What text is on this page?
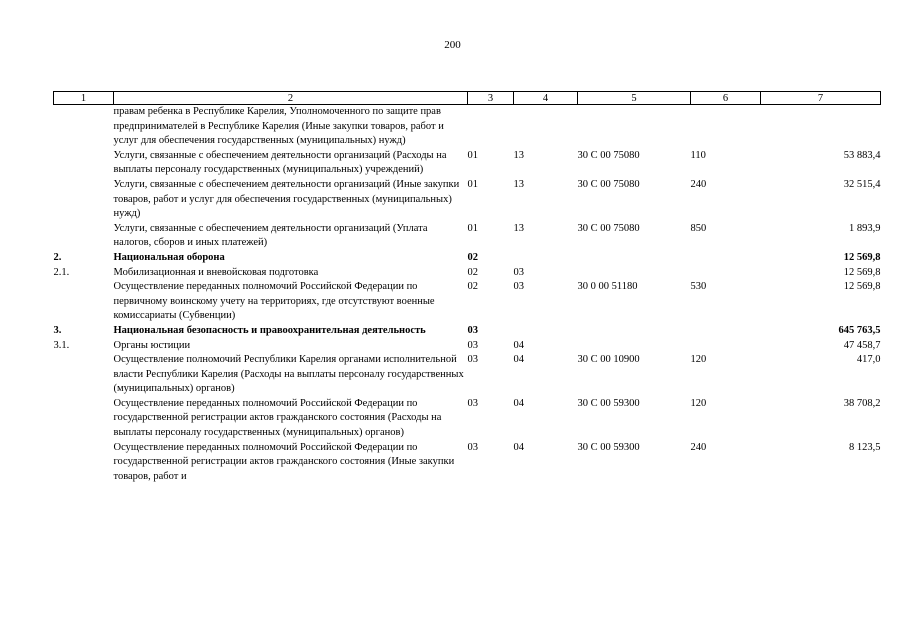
200
1	2	3	4	5	6	7
	правам ребенка в Республике Карелия, Уполномоченного по защите прав предпринимателей в Республике Карелия (Иные закупки товаров, работ и услуг для обеспечения государственных (муниципальных) нужд)					
	Услуги, связанные с обеспечением деятельности организаций (Расходы на выплаты персоналу государственных (муниципальных) учреждений)	01	13	30 С 00 75080	110	53 883,4
	Услуги, связанные с обеспечением деятельности организаций (Иные закупки товаров, работ и услуг для обеспечения государственных (муниципальных) нужд)	01	13	30 С 00 75080	240	32 515,4
	Услуги, связанные с обеспечением деятельности организаций (Уплата налогов, сборов и иных платежей)	01	13	30 С 00 75080	850	1 893,9
2.	Национальная оборона	02				12 569,8
2.1.	Мобилизационная и вневойсковая подготовка	02	03			12 569,8
	Осуществление переданных полномочий Российской Федерации по первичному воинскому учету на территориях, где отсутствуют военные комиссариаты (Субвенции)	02	03	30 0 00 51180	530	12 569,8
3.	Национальная безопасность и правоохранительная деятельность	03				645 763,5
3.1.	Органы юстиции	03	04			47 458,7
	Осуществление полномочий Республики Карелия органами исполнительной власти Республики Карелия (Расходы на выплаты персоналу государственных (муниципальных) органов)	03	04	30 С 00 10900	120	417,0
	Осуществление переданных полномочий Российской Федерации по государственной регистрации актов гражданского состояния (Расходы на выплаты персоналу государственных (муниципальных) органов)	03	04	30 С 00 59300	120	38 708,2
	Осуществление переданных полномочий Российской Федерации по государственной регистрации актов гражданского состояния (Иные закупки товаров, работ и	03	04	30 С 00 59300	240	8 123,5
